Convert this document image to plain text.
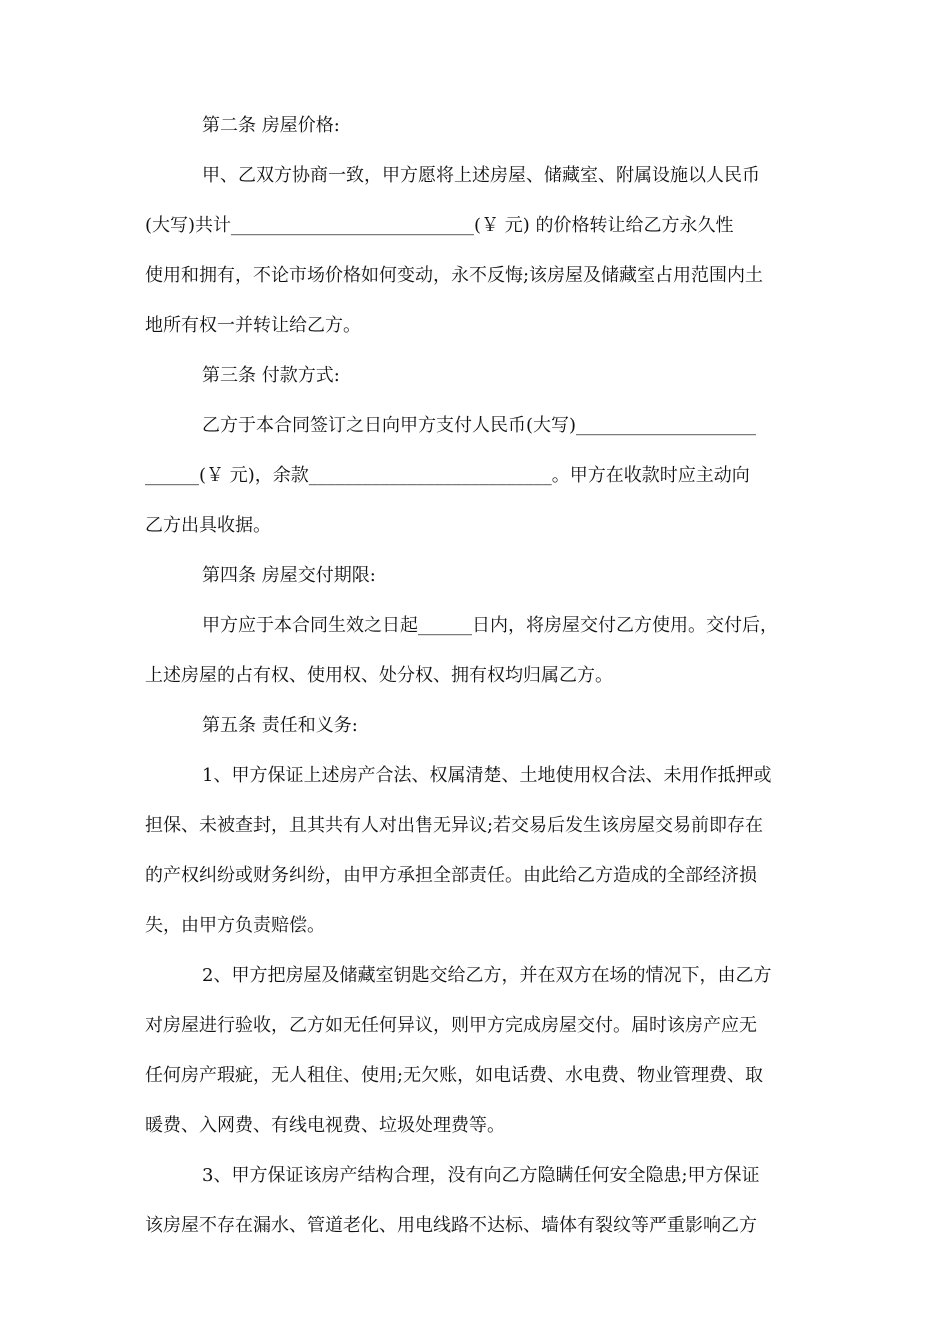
第二条 房屋价格:
甲、乙双方协商一致，甲方愿将上述房屋、储藏室、附属设施以人民币
(大写)共计___________________________(￥ 元) 的价格转让给乙方永久性
使用和拥有，不论市场价格如何变动，永不反悔;该房屋及储藏室占用范围内土
地所有权一并转让给乙方。
第三条 付款方式:
乙方于本合同签订之日向甲方支付人民币(大写)____________________
______(￥ 元)，余款___________________________。甲方在收款时应主动向
乙方出具收据。
第四条 房屋交付期限:
甲方应于本合同生效之日起______日内，将房屋交付乙方使用。交付后，
上述房屋的占有权、使用权、处分权、拥有权均归属乙方。
第五条 责任和义务:
1、甲方保证上述房产合法、权属清楚、土地使用权合法、未用作抵押或
担保、未被查封，且其共有人对出售无异议;若交易后发生该房屋交易前即存在
的产权纠纷或财务纠纷，由甲方承担全部责任。由此给乙方造成的全部经济损
失，由甲方负责赔偿。
2、甲方把房屋及储藏室钥匙交给乙方，并在双方在场的情况下，由乙方
对房屋进行验收，乙方如无任何异议，则甲方完成房屋交付。届时该房产应无
任何房产瑕疵，无人租住、使用;无欠账，如电话费、水电费、物业管理费、取
暖费、入网费、有线电视费、垃圾处理费等。
3、甲方保证该房产结构合理，没有向乙方隐瞒任何安全隐患;甲方保证
该房屋不存在漏水、管道老化、用电线路不达标、墙体有裂纹等严重影响乙方
